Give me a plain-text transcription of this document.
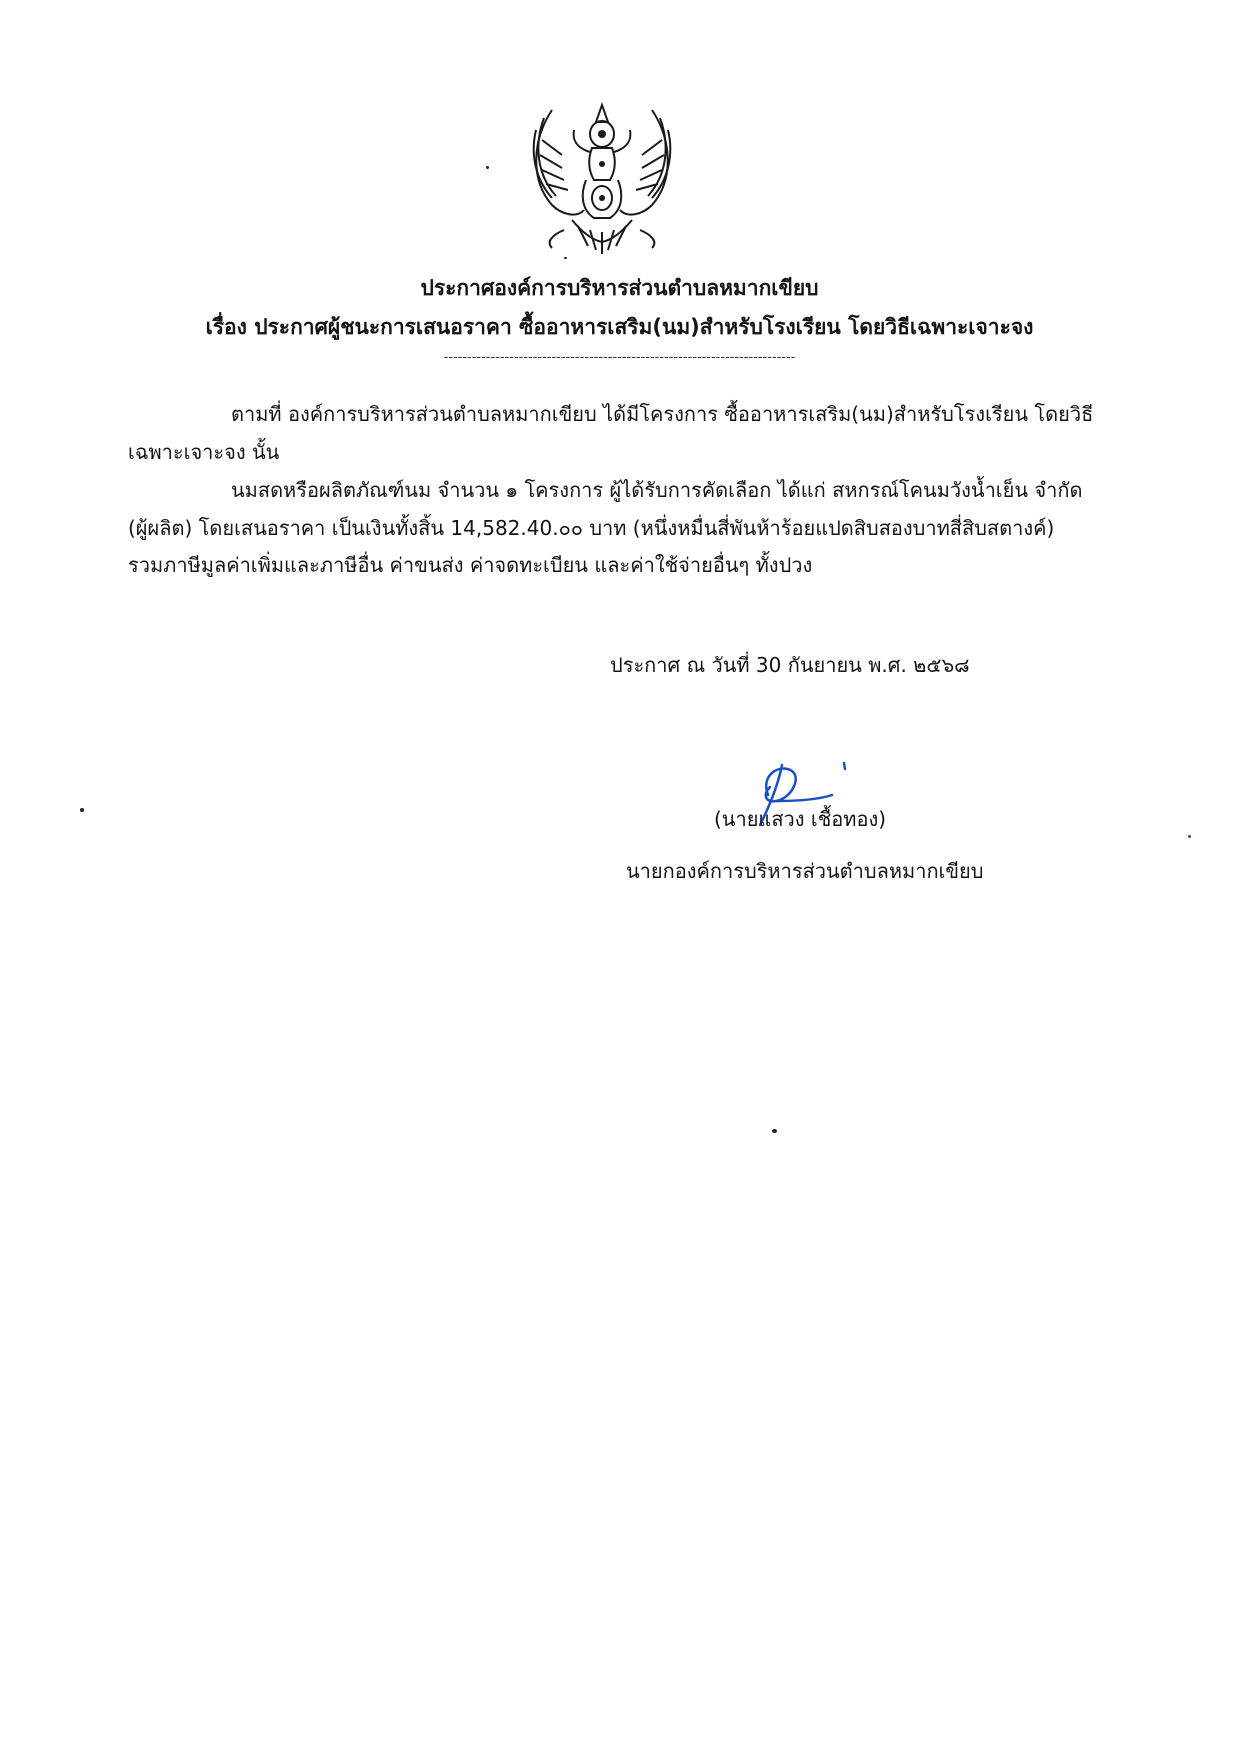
ประกาศองค์การบริหารส่วนตำบลหมากเขียบ
เรื่อง ประกาศผู้ชนะการเสนอราคา ซื้ออาหารเสริม(นม)สำหรับโรงเรียน โดยวิธีเฉพาะเจาะจง
---------------------------------------------------------------------------
ตามที่ องค์การบริหารส่วนตำบลหมากเขียบ ได้มีโครงการ ซื้ออาหารเสริม(นม)สำหรับโรงเรียน โดยวิธี
เฉพาะเจาะจง นั้น
นมสดหรือผลิตภัณฑ์นม จำนวน ๑ โครงการ ผู้ได้รับการคัดเลือก ได้แก่ สหกรณ์โคนมวังน้ำเย็น จำกัด
(ผู้ผลิต) โดยเสนอราคา เป็นเงินทั้งสิ้น 14,582.40.๐๐ บาท (หนึ่งหมื่นสี่พันห้าร้อยแปดสิบสองบาทสี่สิบสตางค์)
รวมภาษีมูลค่าเพิ่มและภาษีอื่น ค่าขนส่ง ค่าจดทะเบียน และค่าใช้จ่ายอื่นๆ ทั้งปวง
ประกาศ ณ วันที่ 30 กันยายน พ.ศ. ๒๕๖๘
(นายแสวง เชื้อทอง)
นายกองค์การบริหารส่วนตำบลหมากเขียบ
